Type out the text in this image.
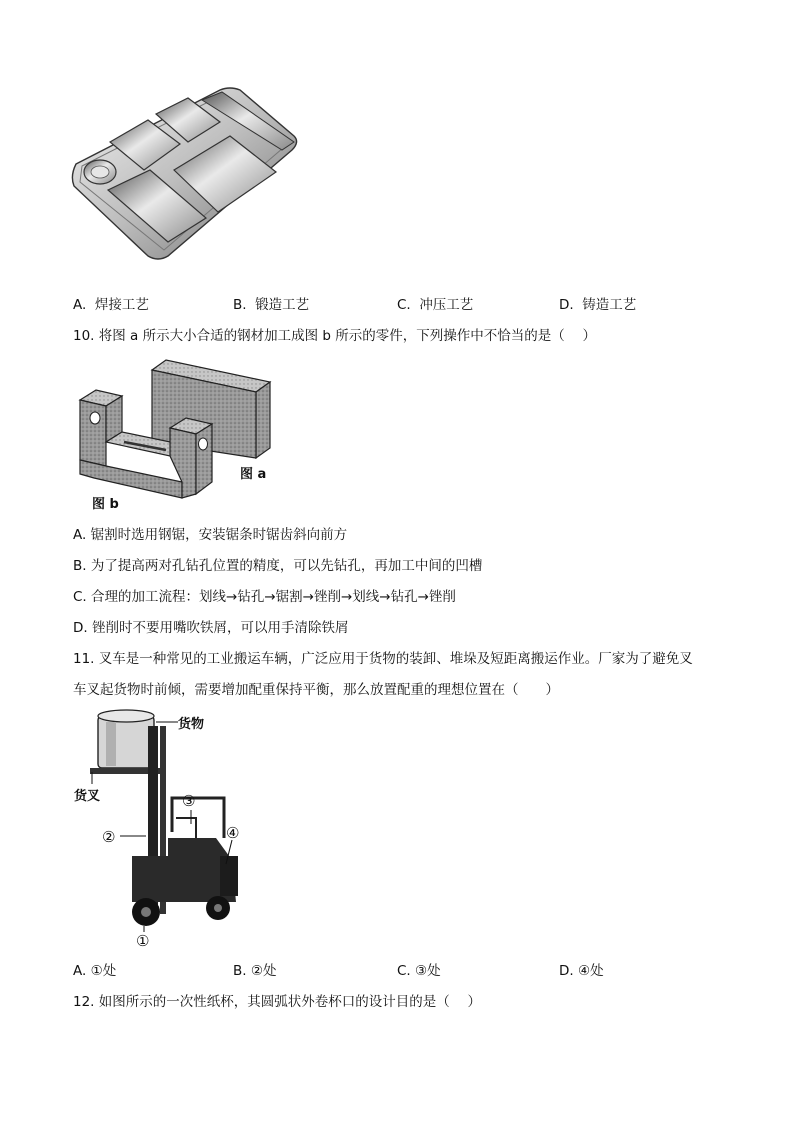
A. 焊接工艺	B. 锻造工艺	C. 冲压工艺	D. 铸造工艺
10. 将图 a 所示大小合适的钢材加工成图 b 所示的零件，下列操作中不恰当的是（　 ）
图 a
图 b
A. 锯割时选用钢锯，安装锯条时锯齿斜向前方
B. 为了提高两对孔钻孔位置的精度，可以先钻孔，再加工中间的凹槽
C. 合理的加工流程：划线→钻孔→锯割→锉削→划线→钻孔→锉削
D. 锉削时不要用嘴吹铁屑，可以用手清除铁屑
11. 叉车是一种常见的工业搬运车辆，广泛应用于货物的装卸、堆垛及短距离搬运作业。厂家为了避免叉
车叉起货物时前倾，需要增加配重保持平衡，那么放置配重的理想位置在（　　）
货物
货叉
②
③
④
①
A. ①处	B. ②处	C. ③处	D. ④处
12. 如图所示的一次性纸杯，其圆弧状外卷杯口的设计目的是（　 ）
